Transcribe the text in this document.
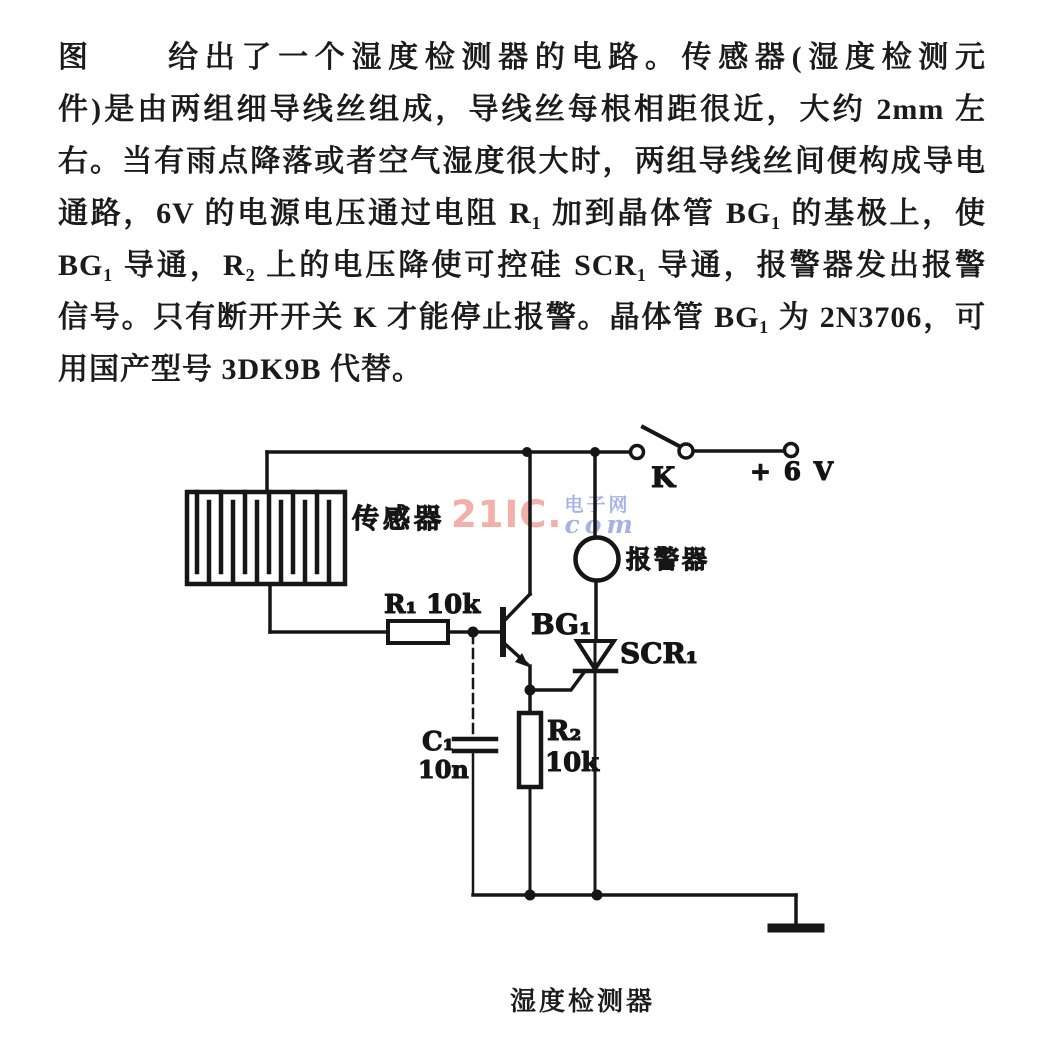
图　　给出了一个湿度检测器的电路。传感器(湿度检测元
件)是由两组细导线丝组成，导线丝每根相距很近，大约 2mm 左
右。当有雨点降落或者空气湿度很大时，两组导线丝间便构成导电
通路，6V 的电源电压通过电阻 R₁ 加到晶体管 BG₁ 的基极上，使
BG₁ 导通，R₂ 上的电压降使可控硅 SCR₁ 导通，报警器发出报警
信号。只有断开开关 K 才能停止报警。晶体管 BG₁ 为 2N3706，可
用国产型号 3DK9B 代替。
21IC. 电子网
com
传感器
R₁ 10k
BG₁
SCR₁
报警器
K	+ 6 V
C₁
10n
R₂
10k
湿度检测器
